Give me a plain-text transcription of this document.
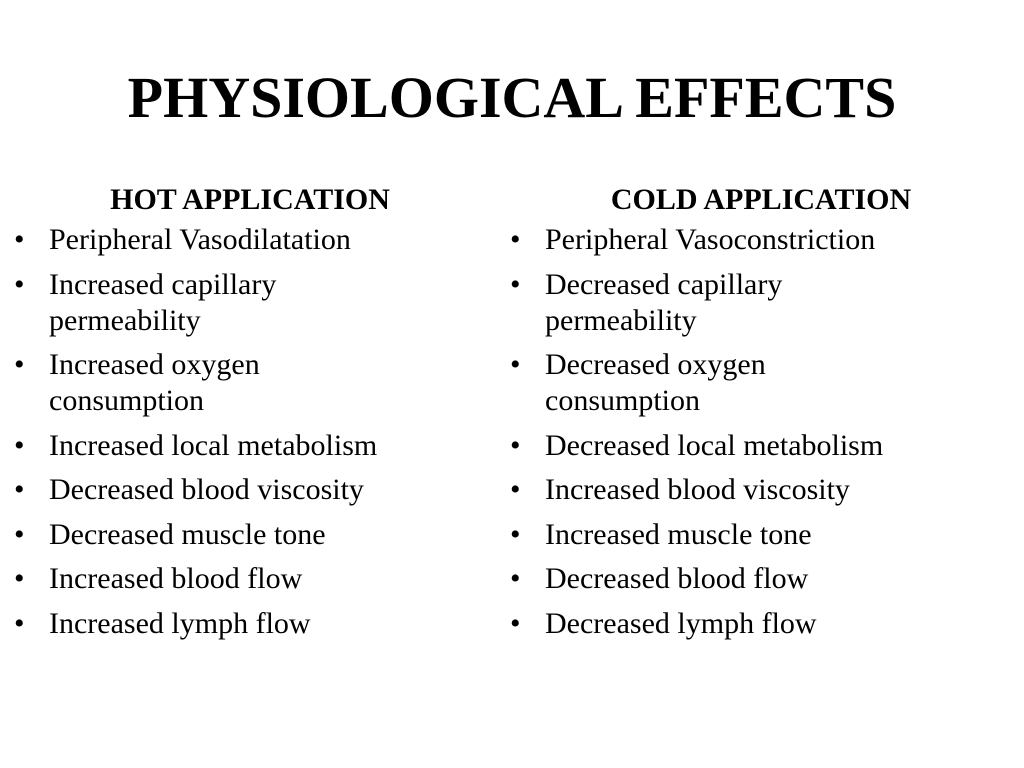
PHYSIOLOGICAL EFFECTS
HOT APPLICATION
• Peripheral Vasodilatation
• Increased capillary permeability
• Increased oxygen consumption
• Increased local metabolism
• Decreased blood viscosity
• Decreased muscle tone
• Increased blood flow
• Increased lymph flow
COLD APPLICATION
• Peripheral Vasoconstriction
• Decreased capillary permeability
• Decreased oxygen consumption
• Decreased local metabolism
• Increased blood viscosity
• Increased muscle tone
• Decreased blood flow
• Decreased lymph flow
